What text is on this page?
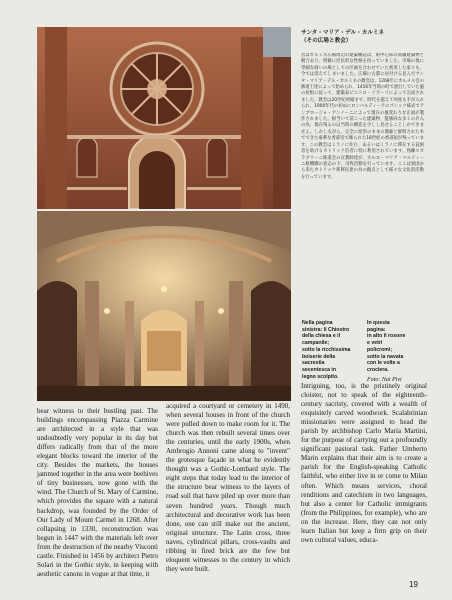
サンタ・マリア・デル・カルミネ
（その広場と教会）
昔はカルミネ広場周辺の建築構造は、街中心部の高級建築物と競合あり、明確に庶民的な性格を持っていました。市場の他に零細な商いの場としての区画を合わせていた密度した家々も、今では消えてしまいました。広場に古都に居付ける見んだサンタ・マリア・デル・カルミネの教会は、1268年にカルメル会の修道士達によって始められ、1456年当時の町で流行していた風の屋根に従って、建築家ピエトロ・ソラーリによって完成されました。教会は20世紀初頭まで、時代を越えて何度も手が入れられ、1900年代の初めにロンバルディーアのゴシック様式でアンブロージョ・アンノーニによって現在の風変わりな正面が製作されました。相当いて前こった建築物、監修尚な多くの介入の為、現在残るのは当時の構造を少しし見せることしかできません。しかしながら、完全に原形のままの側廊と鮮明された木でできた豪華な香部室で飾られた18世紀の香部屋が残っています。この教会はミラノに住む、あるいはミラノに滞在する貧困者を助けるカトリック信者に特に利用されています。熟練スカラブリーニ修道会の宣教師達が、カルロ・マリア・マルティーニ枢機卿の意志の下、司牧活動を行っています。ここは異国から来たカトリック系移民達の為の拠点として様々な文化的活動を行っています。
Nella pagina
sinistra: il Chiostro
della chiesa e il
campanile;
sotto la ricchissima
boiserie della
sacrestia
secentesca in
legno scolpito.
In questa
pagina:
in alto il rosone
e vetri
policromi;
sotto la navata
con le volte a
crociera.
Foto: Nat Pivi

bear witness to their bustling past. The buildings encompassing Piazza Carmine are architected in a style that was undoubtedly very popular in its day but differs radically from that of the more elegant blocks toward the interior of the city. Besides the markets, the houses jammed together in the area were beehives of tiny businesses, now gone with the wind. The Church of St. Mary of Carmine, which provides the square with a natural backdrop, was founded by the Order of Our Lady of Mount Carmel in 1268. After collapsing in 1330, reconstruction was begun in 1447 with the materials left over from the destruction of the nearby Visconti castle. Finished in 1456 by architect Pietro Solari in the Gothic style, in keeping with aesthetic canons in vogue at that time, it

acquired a courtyard or cemetery in 1490, when several houses in front of the church were pulled down to make room for it. The church was then rebuilt several times over the centuries, until the early 1900s, when Ambrogio Annoni came along to "invent" the grotesque façade in what he evidently thought was a Gothic-Lombard style. The eight steps that today lead to the interior of the structure bear witness to the layers of road soil that have piled up over more than seven hundred years. Though much architectural and decorative work has been done, one can still make out the ancient, original structure. The Latin cross, three naves, cylindrical pillars, cross-vaults and ribbing in fired brick are the few but eloquent witnesses to the century in which they were built.

Intriguing, too, is the pristinely original cloister, not to speak of the eighteenth-century sacristy, covered with a wealth of exquisitely carved woodwork. Scalabrinian missionaries were assigned to head the parish by archbishop Carlo Maria Martini, for the purpose of carrying out a profoundly significant pastoral task. Father Umberto Marin explains that their aim is to create a parish for the English-speaking Catholic faithful, who either live in or come to Milan often. Which means services, choral renditions and catechism in two languages, but also a center for Catholic immigrants (from the Philippines, for example), who are on the increase. Here, they can not only learn Italian but keep a firm grip on their own cultural values, educa-

19
